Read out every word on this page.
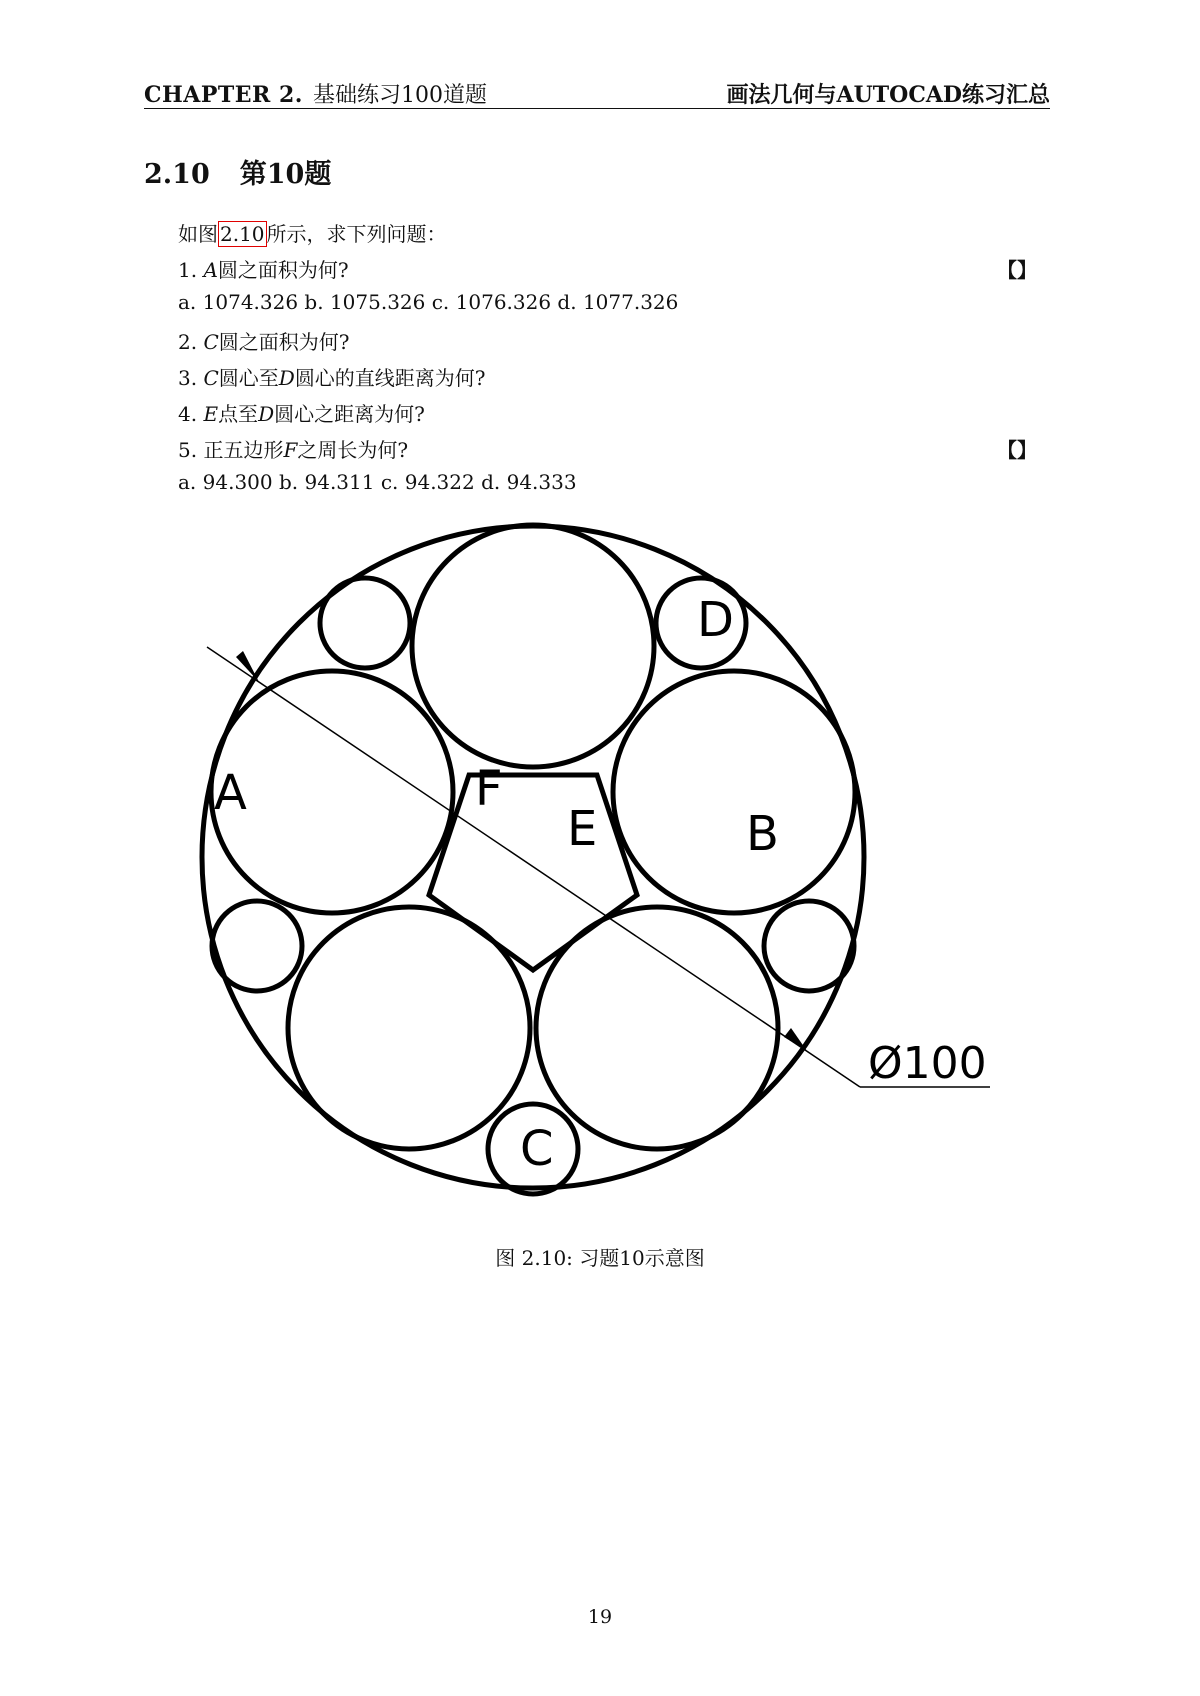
CHAPTER 2. 基础练习100道题	画法几何与AUTOCAD练习汇总
2.10 第10题
如图 2.10 所示，求下列问题：
1. A圆之面积为何?	【】
a. 1074.326 b. 1075.326 c. 1076.326 d. 1077.326
2. C圆之面积为何?
3. C圆心至D圆心的直线距离为何?
4. E点至D圆心之距离为何?
5. 正五边形F之周长为何?	【】
a. 94.300 b. 94.311 c. 94.322 d. 94.333
A
B
C
D
E
F
Ø100
图 2.10: 习题10示意图
19
